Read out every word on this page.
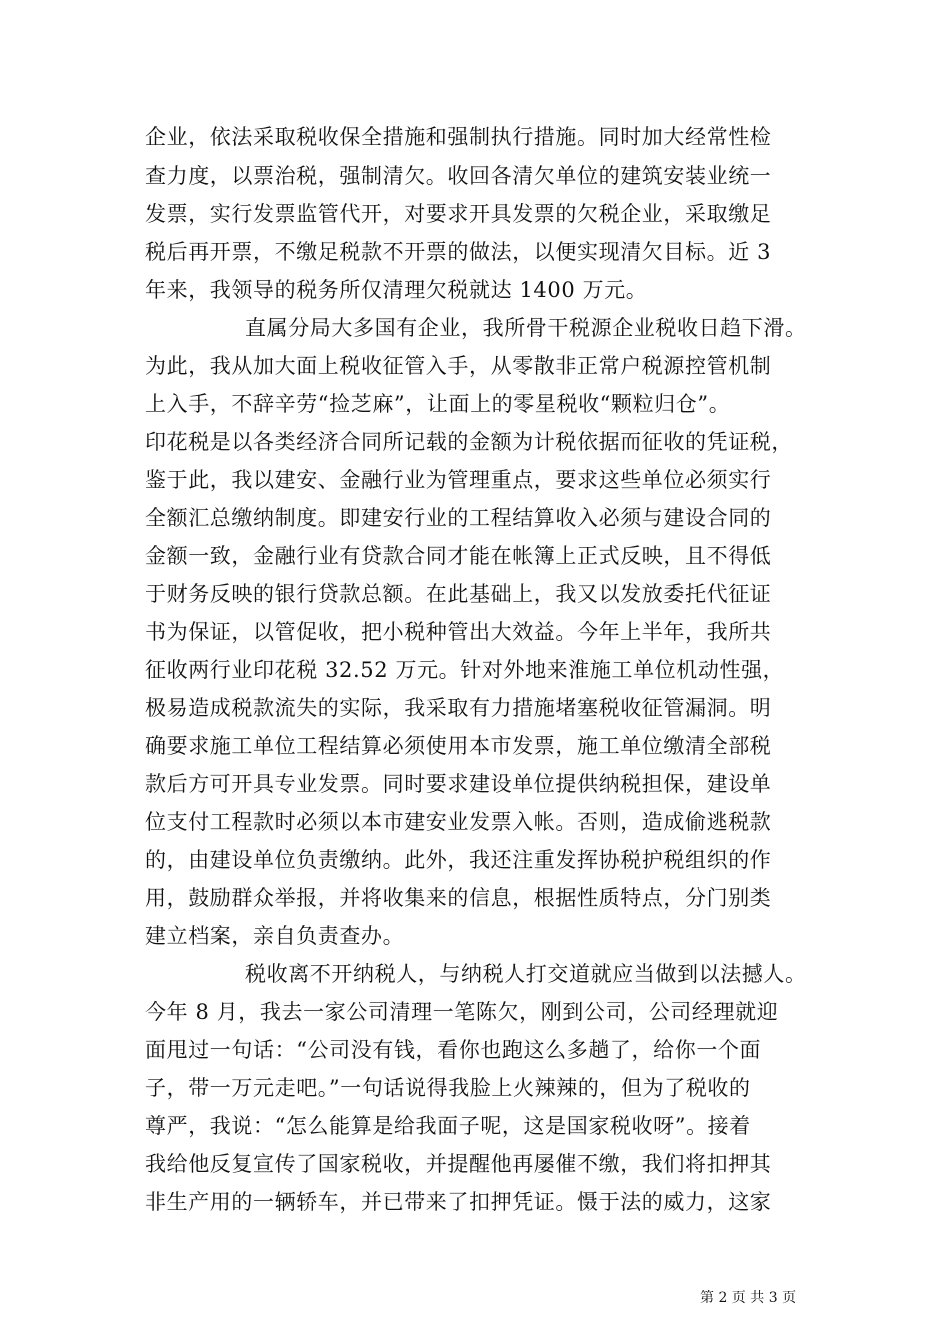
企业，依法采取税收保全措施和强制执行措施。同时加大经常性检
查力度，以票治税，强制清欠。收回各清欠单位的建筑安装业统一
发票，实行发票监管代开，对要求开具发票的欠税企业，采取缴足
税后再开票，不缴足税款不开票的做法，以便实现清欠目标。近 3
年来，我领导的税务所仅清理欠税就达 1400 万元。
直属分局大多国有企业，我所骨干税源企业税收日趋下滑。
为此，我从加大面上税收征管入手，从零散非正常户税源控管机制
上入手，不辞辛劳“捡芝麻”，让面上的零星税收“颗粒归仓”。
印花税是以各类经济合同所记载的金额为计税依据而征收的凭证税，
鉴于此，我以建安、金融行业为管理重点，要求这些单位必须实行
全额汇总缴纳制度。即建安行业的工程结算收入必须与建设合同的
金额一致，金融行业有贷款合同才能在帐簿上正式反映，且不得低
于财务反映的银行贷款总额。在此基础上，我又以发放委托代征证
书为保证，以管促收，把小税种管出大效益。今年上半年，我所共
征收两行业印花税 32.52 万元。针对外地来淮施工单位机动性强，
极易造成税款流失的实际，我采取有力措施堵塞税收征管漏洞。明
确要求施工单位工程结算必须使用本市发票，施工单位缴清全部税
款后方可开具专业发票。同时要求建设单位提供纳税担保，建设单
位支付工程款时必须以本市建安业发票入帐。否则，造成偷逃税款
的，由建设单位负责缴纳。此外，我还注重发挥协税护税组织的作
用，鼓励群众举报，并将收集来的信息，根据性质特点，分门别类
建立档案，亲自负责查办。
税收离不开纳税人，与纳税人打交道就应当做到以法撼人。
今年 8 月，我去一家公司清理一笔陈欠，刚到公司，公司经理就迎
面甩过一句话：“公司没有钱，看你也跑这么多趟了，给你一个面
子，带一万元走吧。”一句话说得我脸上火辣辣的，但为了税收的
尊严，我说：“怎么能算是给我面子呢，这是国家税收呀”。接着
我给他反复宣传了国家税收，并提醒他再屡催不缴，我们将扣押其
非生产用的一辆轿车，并已带来了扣押凭证。慑于法的威力，这家
第 2 页 共 3 页
